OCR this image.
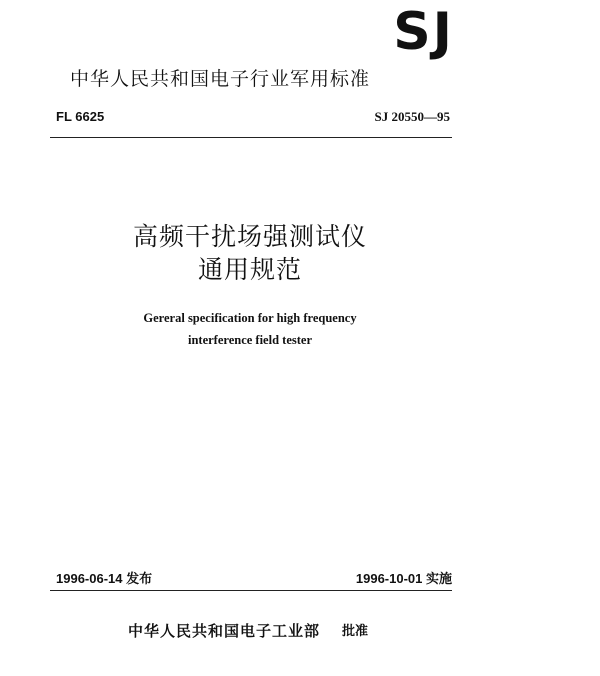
SJ
中华人民共和国电子行业军用标准
FL 6625	SJ 20550—95
高频干扰场强测试仪
通用规范
Gereral specification for high frequency
interference field tester
1996-06-14 发布	1996-10-01 实施
中华人民共和国电子工业部 批准
